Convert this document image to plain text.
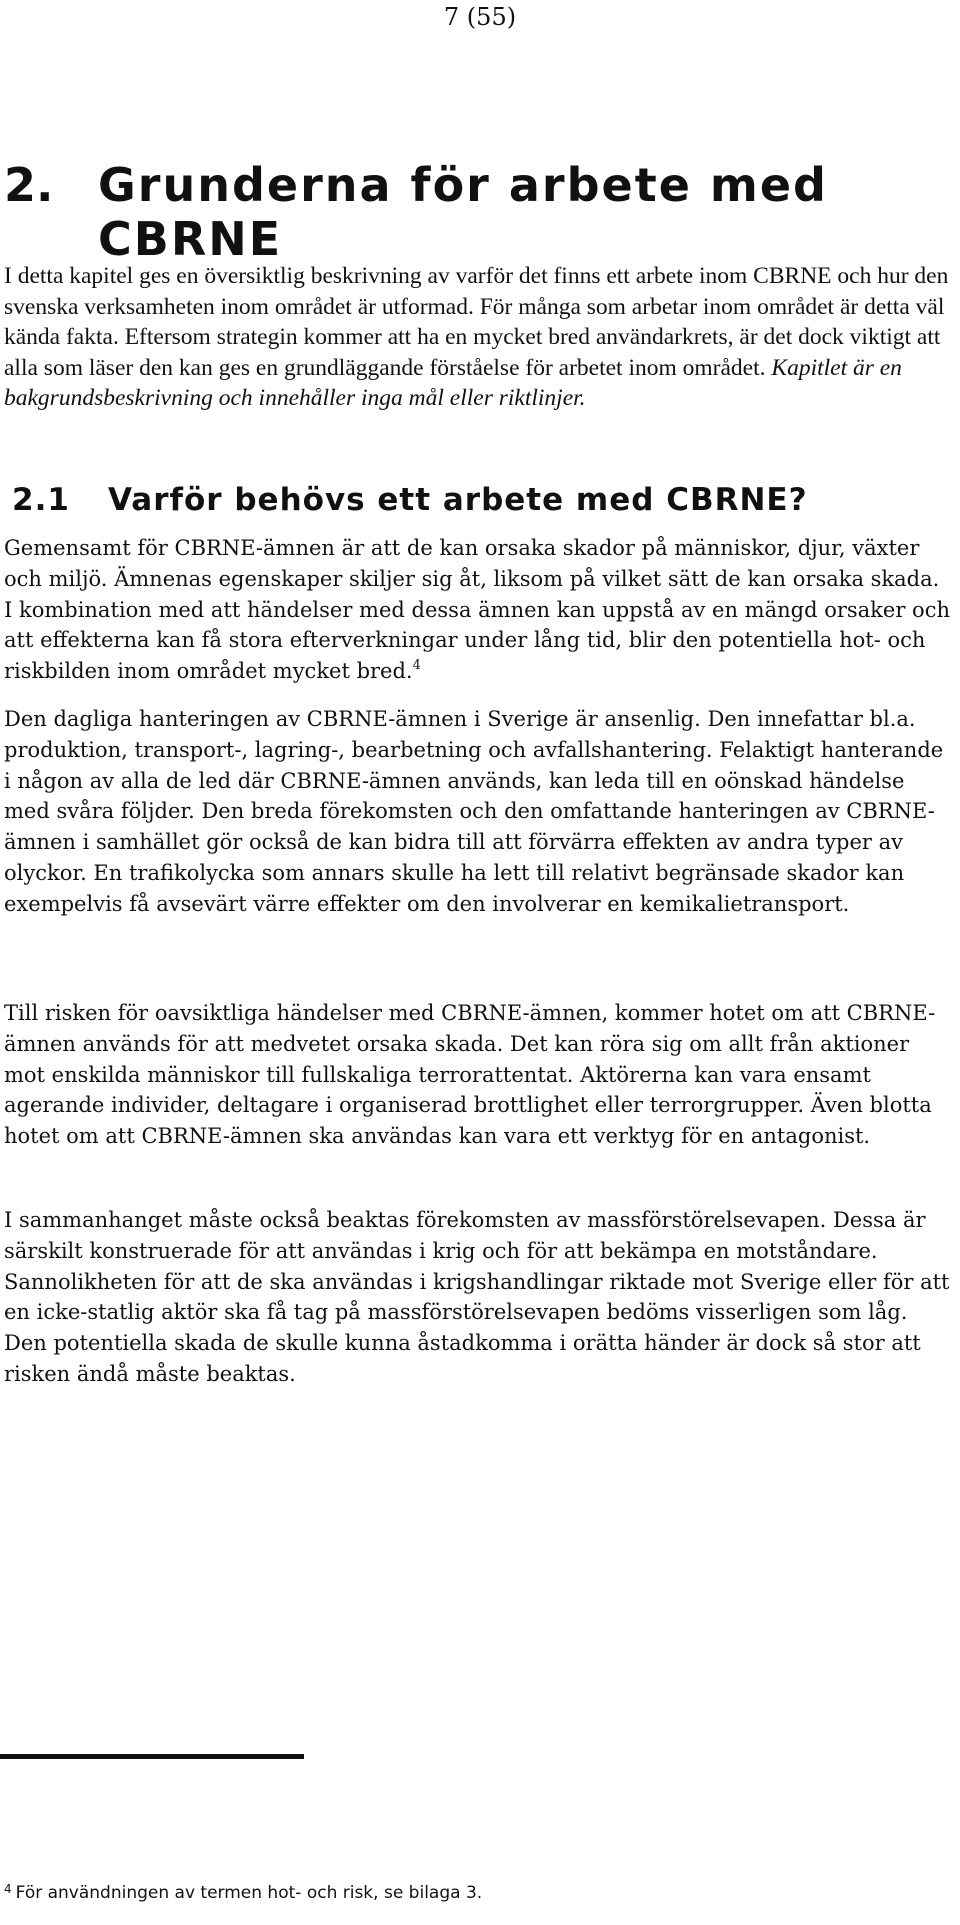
7 (55)
2. Grunderna för arbete med CBRNE

I detta kapitel ges en översiktlig beskrivning av varför det finns ett arbete inom CBRNE och hur den svenska verksamheten inom området är utformad. För många som arbetar inom området är detta väl kända fakta. Eftersom strategin kommer att ha en mycket bred användarkrets, är det dock viktigt att alla som läser den kan ges en grundläggande förståelse för arbetet inom området. Kapitlet är en bakgrundsbeskrivning och innehåller inga mål eller riktlinjer.

2.1	Varför behövs ett arbete med CBRNE?

Gemensamt för CBRNE-ämnen är att de kan orsaka skador på människor, djur, växter och miljö. Ämnenas egenskaper skiljer sig åt, liksom på vilket sätt de kan orsaka skada. I kombination med att händelser med dessa ämnen kan uppstå av en mängd orsaker och att effekterna kan få stora efterverkningar under lång tid, blir den potentiella hot- och riskbilden inom området mycket bred.$^4$

Den dagliga hanteringen av CBRNE-ämnen i Sverige är ansenlig. Den innefattar bl.a. produktion, transport-, lagring-, bearbetning och avfallshantering. Felaktigt hanterande i någon av alla de led där CBRNE-ämnen används, kan leda till en oönskad händelse med svåra följder. Den breda förekomsten och den omfattande hanteringen av CBRNE-ämnen i samhället gör också de kan bidra till att förvärra effekten av andra typer av olyckor. En trafikolycka som annars skulle ha lett till relativt begränsade skador kan exempelvis få avsevärt värre effekter om den involverar en kemikalietransport.

Till risken för oavsiktliga händelser med CBRNE-ämnen, kommer hotet om att CBRNE-ämnen används för att medvetet orsaka skada. Det kan röra sig om allt från aktioner mot enskilda människor till fullskaliga terrorattentat. Aktörerna kan vara ensamt agerande individer, deltagare i organiserad brottlighet eller terrorgrupper. Även blotta hotet om att CBRNE-ämnen ska användas kan vara ett verktyg för en antagonist.

I sammanhanget måste också beaktas förekomsten av massförstörelsevapen. Dessa är särskilt konstruerade för att användas i krig och för att bekämpa en motståndare. Sannolikheten för att de ska användas i krigshandlingar riktade mot Sverige eller för att en icke-statlig aktör ska få tag på massförstörelsevapen bedöms visserligen som låg. Den potentiella skada de skulle kunna åstadkomma i orätta händer är dock så stor att risken ändå måste beaktas.

$^4$ För användningen av termen hot- och risk, se bilaga 3.
